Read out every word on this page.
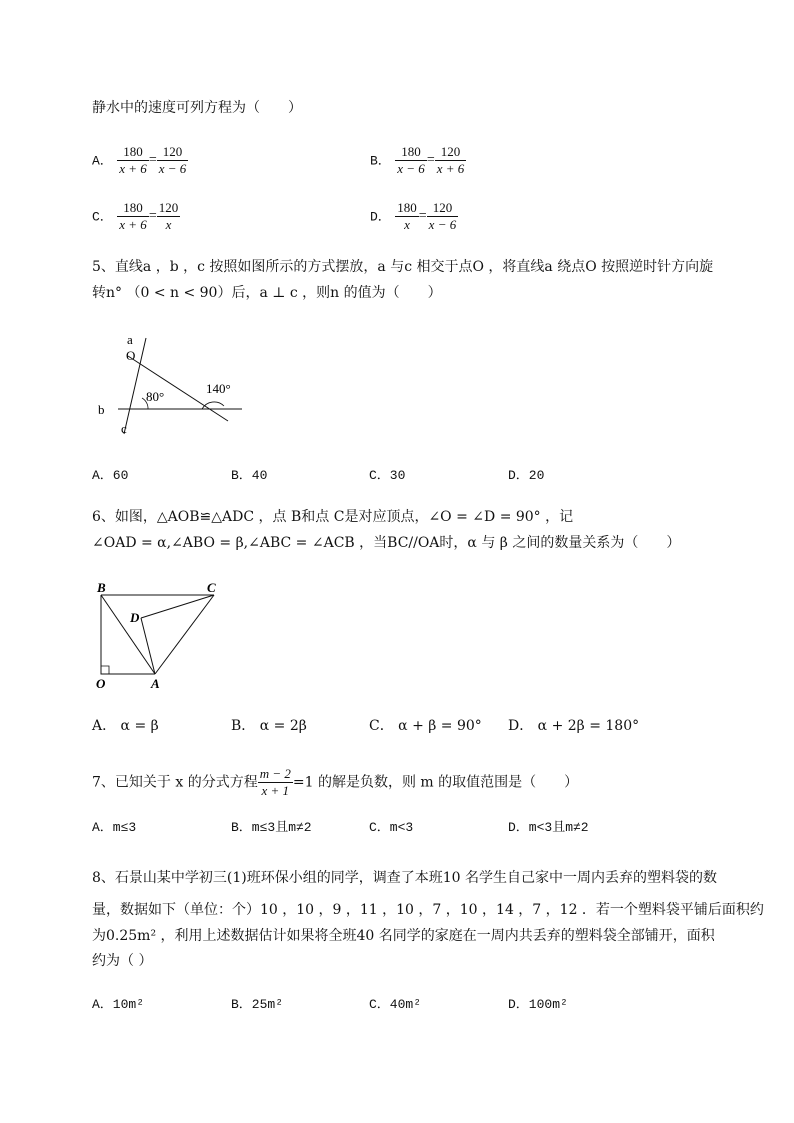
静水中的速度可列方程为（　　）
A． $\frac{180}{x + 6} = \frac{120}{x - 6}$	B． $\frac{180}{x - 6} = \frac{120}{x + 6}$
C． $\frac{180}{x + 6} = \frac{120}{x}$	D． $\frac{180}{x} = \frac{120}{x - 6}$
5、直线a ，b ，c 按照如图所示的方式摆放，a 与c 相交于点O ，将直线a 绕点O 按照逆时针方向旋
转n° （0 < n < 90）后，a ⊥ c ，则n 的值为（　　）
a
O
b
c
80°
140°
A．60	B．40	C．30	D．20
6、如图，△AOB≌△ADC ，点 B和点 C是对应顶点，∠O = ∠D = 90° ，记
∠OAD = α,∠ABO = β,∠ABC = ∠ACB ，当BC//OA时，α 与 β 之间的数量关系为（　　）
B	C
D
O	A
A． α = β	B． α = 2β	C． α + β = 90° D． α + 2β = 180°
7、已知关于 x 的分式方程 $\frac{m - 2}{x + 1} =1$ 的解是负数，则 m 的取值范围是（　　）
A．m≤3	B．m≤3且m≠2	C．m<3	D．m<3且m≠2
8、石景山某中学初三(1)班环保小组的同学，调查了本班10 名学生自己家中一周内丢弃的塑料袋的数
量，数据如下（单位：个）10 ，10 ，9 ，11 ，10 ，7 ，10 ，14 ，7 ，12 ．若一个塑料袋平铺后面积约
为0.25m² ，利用上述数据估计如果将全班40 名同学的家庭在一周内共丢弃的塑料袋全部铺开，面积
约为（ ）
A．10m²	B．25m²	C．40m²	D．100m²
